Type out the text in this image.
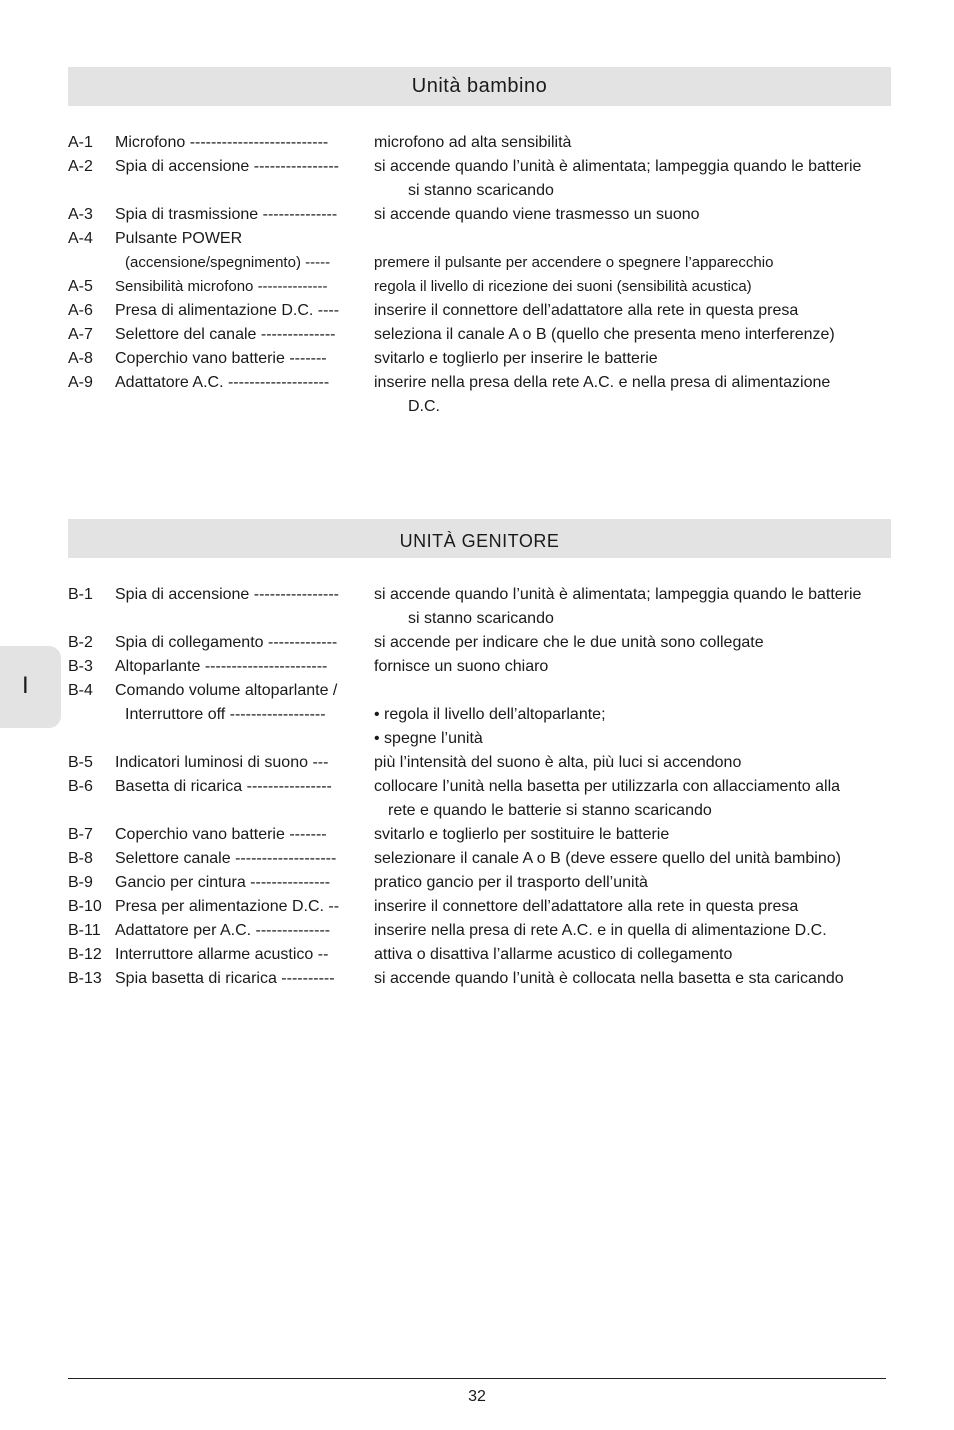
Unità bambino
A-1 Microfono --------------------------	microfono ad alta sensibilità
A-2 Spia di accensione ----------------	si accende quando l’unità è alimentata; lampeggia quando le batterie
si stanno scaricando
A-3 Spia di trasmissione --------------	si accende quando viene trasmesso un suono
A-4 Pulsante POWER
(accensione/spegnimento) -----	premere il pulsante per accendere o spegnere l’apparecchio
A-5 Sensibilità microfono --------------	regola il livello di ricezione dei suoni (sensibilità acustica)
A-6 Presa di alimentazione D.C. ----	inserire il connettore dell’adattatore alla rete in questa presa
A-7 Selettore del canale --------------	seleziona il canale A o B (quello che presenta meno interferenze)
A-8 Coperchio vano batterie -------	svitarlo e toglierlo per inserire le batterie
A-9 Adattatore A.C. -------------------	inserire nella presa della rete A.C. e nella presa di alimentazione
D.C.
UNITÀ GENITORE
B-1 Spia di accensione ----------------	si accende quando l’unità è alimentata; lampeggia quando le batterie
si stanno scaricando
B-2 Spia di collegamento -------------	si accende per indicare che le due unità sono collegate
B-3 Altoparlante -----------------------	fornisce un suono chiaro
B-4 Comando volume altoparlante /
Interruttore off ------------------	• regola il livello dell’altoparlante;
• spegne l’unità
B-5 Indicatori luminosi di suono ---	più l’intensità del suono è alta, più luci si accendono
B-6 Basetta di ricarica ----------------	collocare l’unità nella basetta per utilizzarla con allacciamento alla
rete e quando le batterie si stanno scaricando
B-7 Coperchio vano batterie -------	svitarlo e toglierlo per sostituire le batterie
B-8 Selettore canale -------------------	selezionare il canale A o B (deve essere quello del unità bambino)
B-9 Gancio per cintura ---------------	pratico gancio per il trasporto dell’unità
B-10 Presa per alimentazione D.C. --	inserire il connettore dell’adattatore alla rete in questa presa
B-11 Adattatore per A.C. --------------	inserire nella presa di rete A.C. e in quella di alimentazione D.C.
B-12 Interruttore allarme acustico --	attiva o disattiva l’allarme acustico di collegamento
B-13 Spia basetta di ricarica ----------	si accende quando l’unità è collocata nella basetta e sta caricando
I
32
